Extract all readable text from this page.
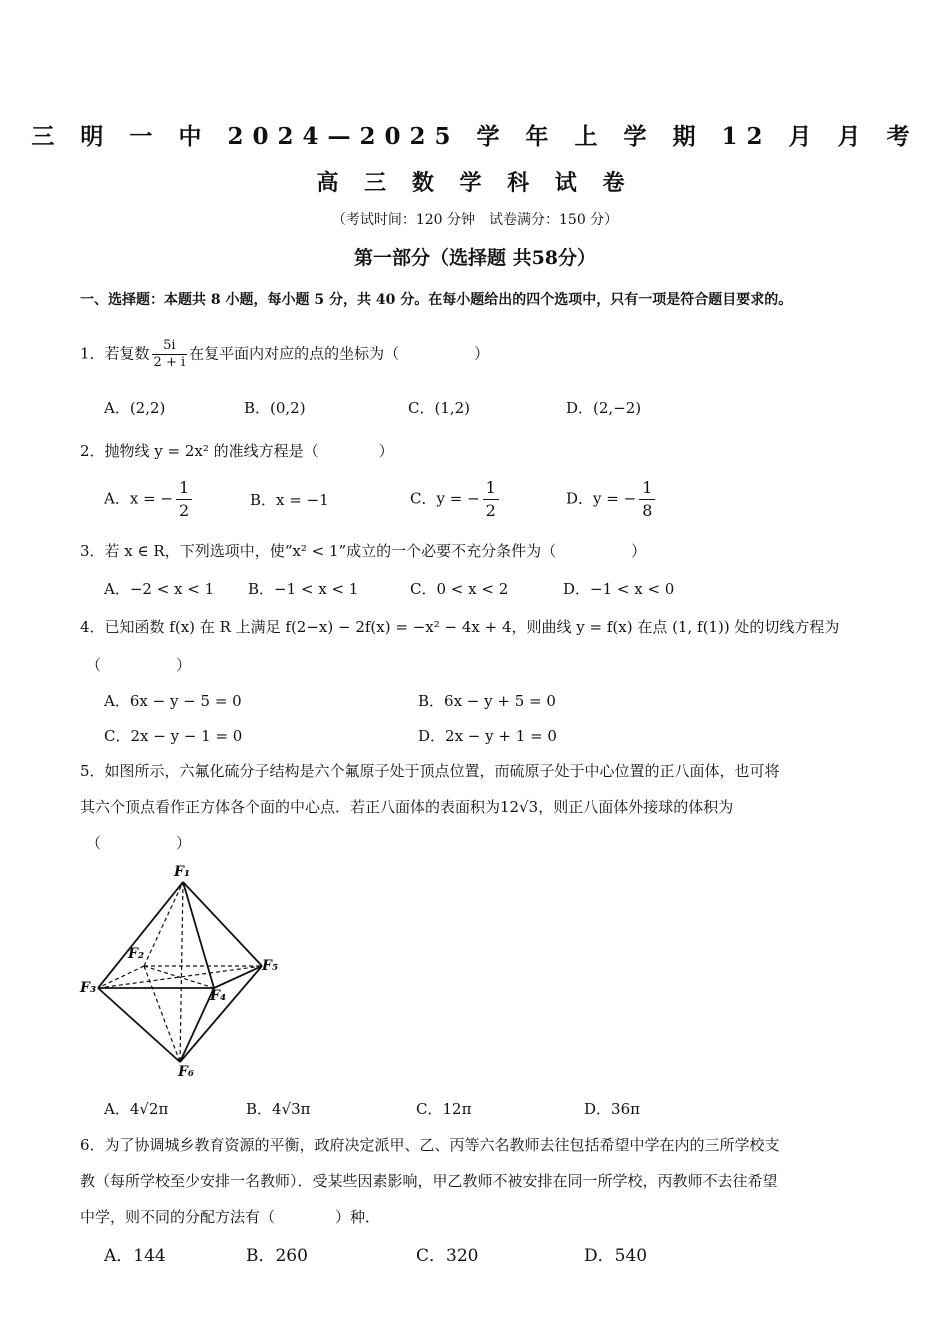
三 明 一 中 2024—2025 学 年 上 学 期 12 月 月 考
高 三 数 学 科 试 卷
（考试时间：120 分钟　试卷满分：150 分）
第一部分（选择题 共58分）
一、选择题：本题共 8 小题，每小题 5 分，共 40 分。在每小题给出的四个选项中，只有一项是符合题目要求的。
1．若复数 $\frac{5i}{2 + i}$ 在复平面内对应的点的坐标为（　　　　　）
A．(2,2)	B．(0,2)	C．(1,2)	D．(2,−2)
2．抛物线 y = 2x² 的准线方程是（　　　　）
A．x = − $\frac{1}{2}$	B．x = −1	C．y = − $\frac{1}{2}$	D．y = − $\frac{1}{8}$
3．若 x ∈ R，下列选项中，使“x² < 1”成立的一个必要不充分条件为（　　　　　）
A．−2 < x < 1 B．−1 < x < 1	C．0 < x < 2	D．−1 < x < 0
4．已知函数 f(x) 在 R 上满足 f(2−x) − 2f(x) = −x² − 4x + 4，则曲线 y = f(x) 在点 (1, f(1)) 处的切线方程为
（　　　　　）
A．6x − y − 5 = 0	B．6x − y + 5 = 0
C．2x − y − 1 = 0	D．2x − y + 1 = 0
5．如图所示，六氟化硫分子结构是六个氟原子处于顶点位置，而硫原子处于中心位置的正八面体，也可将
其六个顶点看作正方体各个面的中心点．若正八面体的表面积为12√3，则正八面体外接球的体积为
（　　　　　）
F₁
F₂
F₃	F₄
F₅
F₆
A．4√2π	B．4√3π	C．12π	D．36π
6．为了协调城乡教育资源的平衡，政府决定派甲、乙、丙等六名教师去往包括希望中学在内的三所学校支
教（每所学校至少安排一名教师）．受某些因素影响，甲乙教师不被安排在同一所学校，丙教师不去往希望
中学，则不同的分配方法有（　　　　）种．
A．144	B．260	C．320	D．540
